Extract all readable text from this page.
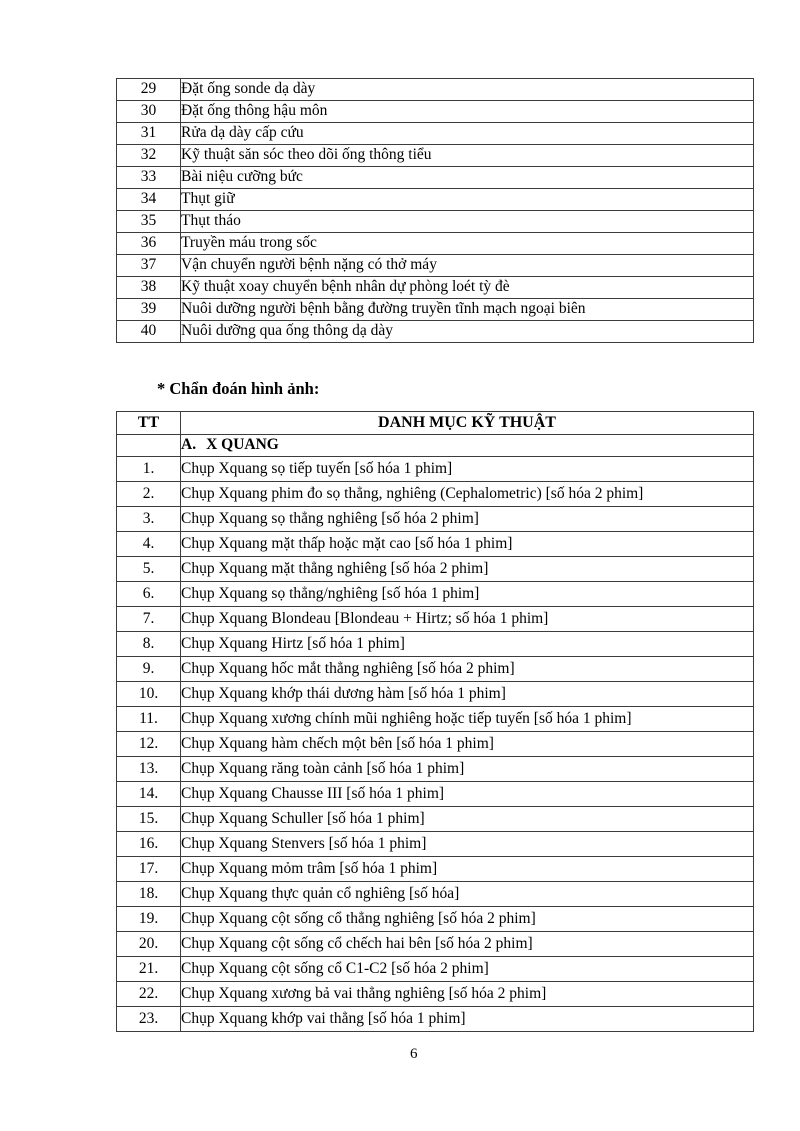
29	Đặt ống sonde dạ dày
30	Đặt ống thông hậu môn
31	Rửa dạ dày cấp cứu
32	Kỹ thuật săn sóc theo dõi ống thông tiểu
33	Bài niệu cưỡng bức
34	Thụt giữ
35	Thụt tháo
36	Truyền máu trong sốc
37	Vận chuyển người bệnh nặng có thở máy
38	Kỹ thuật xoay chuyển bệnh nhân dự phòng loét tỳ đè
39	Nuôi dưỡng người bệnh bằng đường truyền tĩnh mạch ngoại biên
40	Nuôi dưỡng qua ống thông dạ dày
* Chẩn đoán hình ảnh:
TT	DANH MỤC KỸ THUẬT
	A. X QUANG
1.	Chụp Xquang sọ tiếp tuyến [số hóa 1 phim]
2.	Chụp Xquang phim đo sọ thẳng, nghiêng (Cephalometric) [số hóa 2 phim]
3.	Chụp Xquang sọ thẳng nghiêng [số hóa 2 phim]
4.	Chụp Xquang mặt thấp hoặc mặt cao [số hóa 1 phim]
5.	Chụp Xquang mặt thẳng nghiêng [số hóa 2 phim]
6.	Chụp Xquang sọ thẳng/nghiêng [số hóa 1 phim]
7.	Chụp Xquang Blondeau [Blondeau + Hirtz; số hóa 1 phim]
8.	Chụp Xquang Hirtz [số hóa 1 phim]
9.	Chụp Xquang hốc mắt thẳng nghiêng [số hóa 2 phim]
10.	Chụp Xquang khớp thái dương hàm [số hóa 1 phim]
11.	Chụp Xquang xương chính mũi nghiêng hoặc tiếp tuyến [số hóa 1 phim]
12.	Chụp Xquang hàm chếch một bên [số hóa 1 phim]
13.	Chụp Xquang răng toàn cảnh [số hóa 1 phim]
14.	Chụp Xquang Chausse III [số hóa 1 phim]
15.	Chụp Xquang Schuller [số hóa 1 phim]
16.	Chụp Xquang Stenvers [số hóa 1 phim]
17.	Chụp Xquang mỏm trâm [số hóa 1 phim]
18.	Chụp Xquang thực quản cổ nghiêng [số hóa]
19.	Chụp Xquang cột sống cổ thẳng nghiêng [số hóa 2 phim]
20.	Chụp Xquang cột sống cổ chếch hai bên [số hóa 2 phim]
21.	Chụp Xquang cột sống cổ C1-C2 [số hóa 2 phim]
22.	Chụp Xquang xương bả vai thẳng nghiêng [số hóa 2 phim]
23.	Chụp Xquang khớp vai thẳng [số hóa 1 phim]
6
